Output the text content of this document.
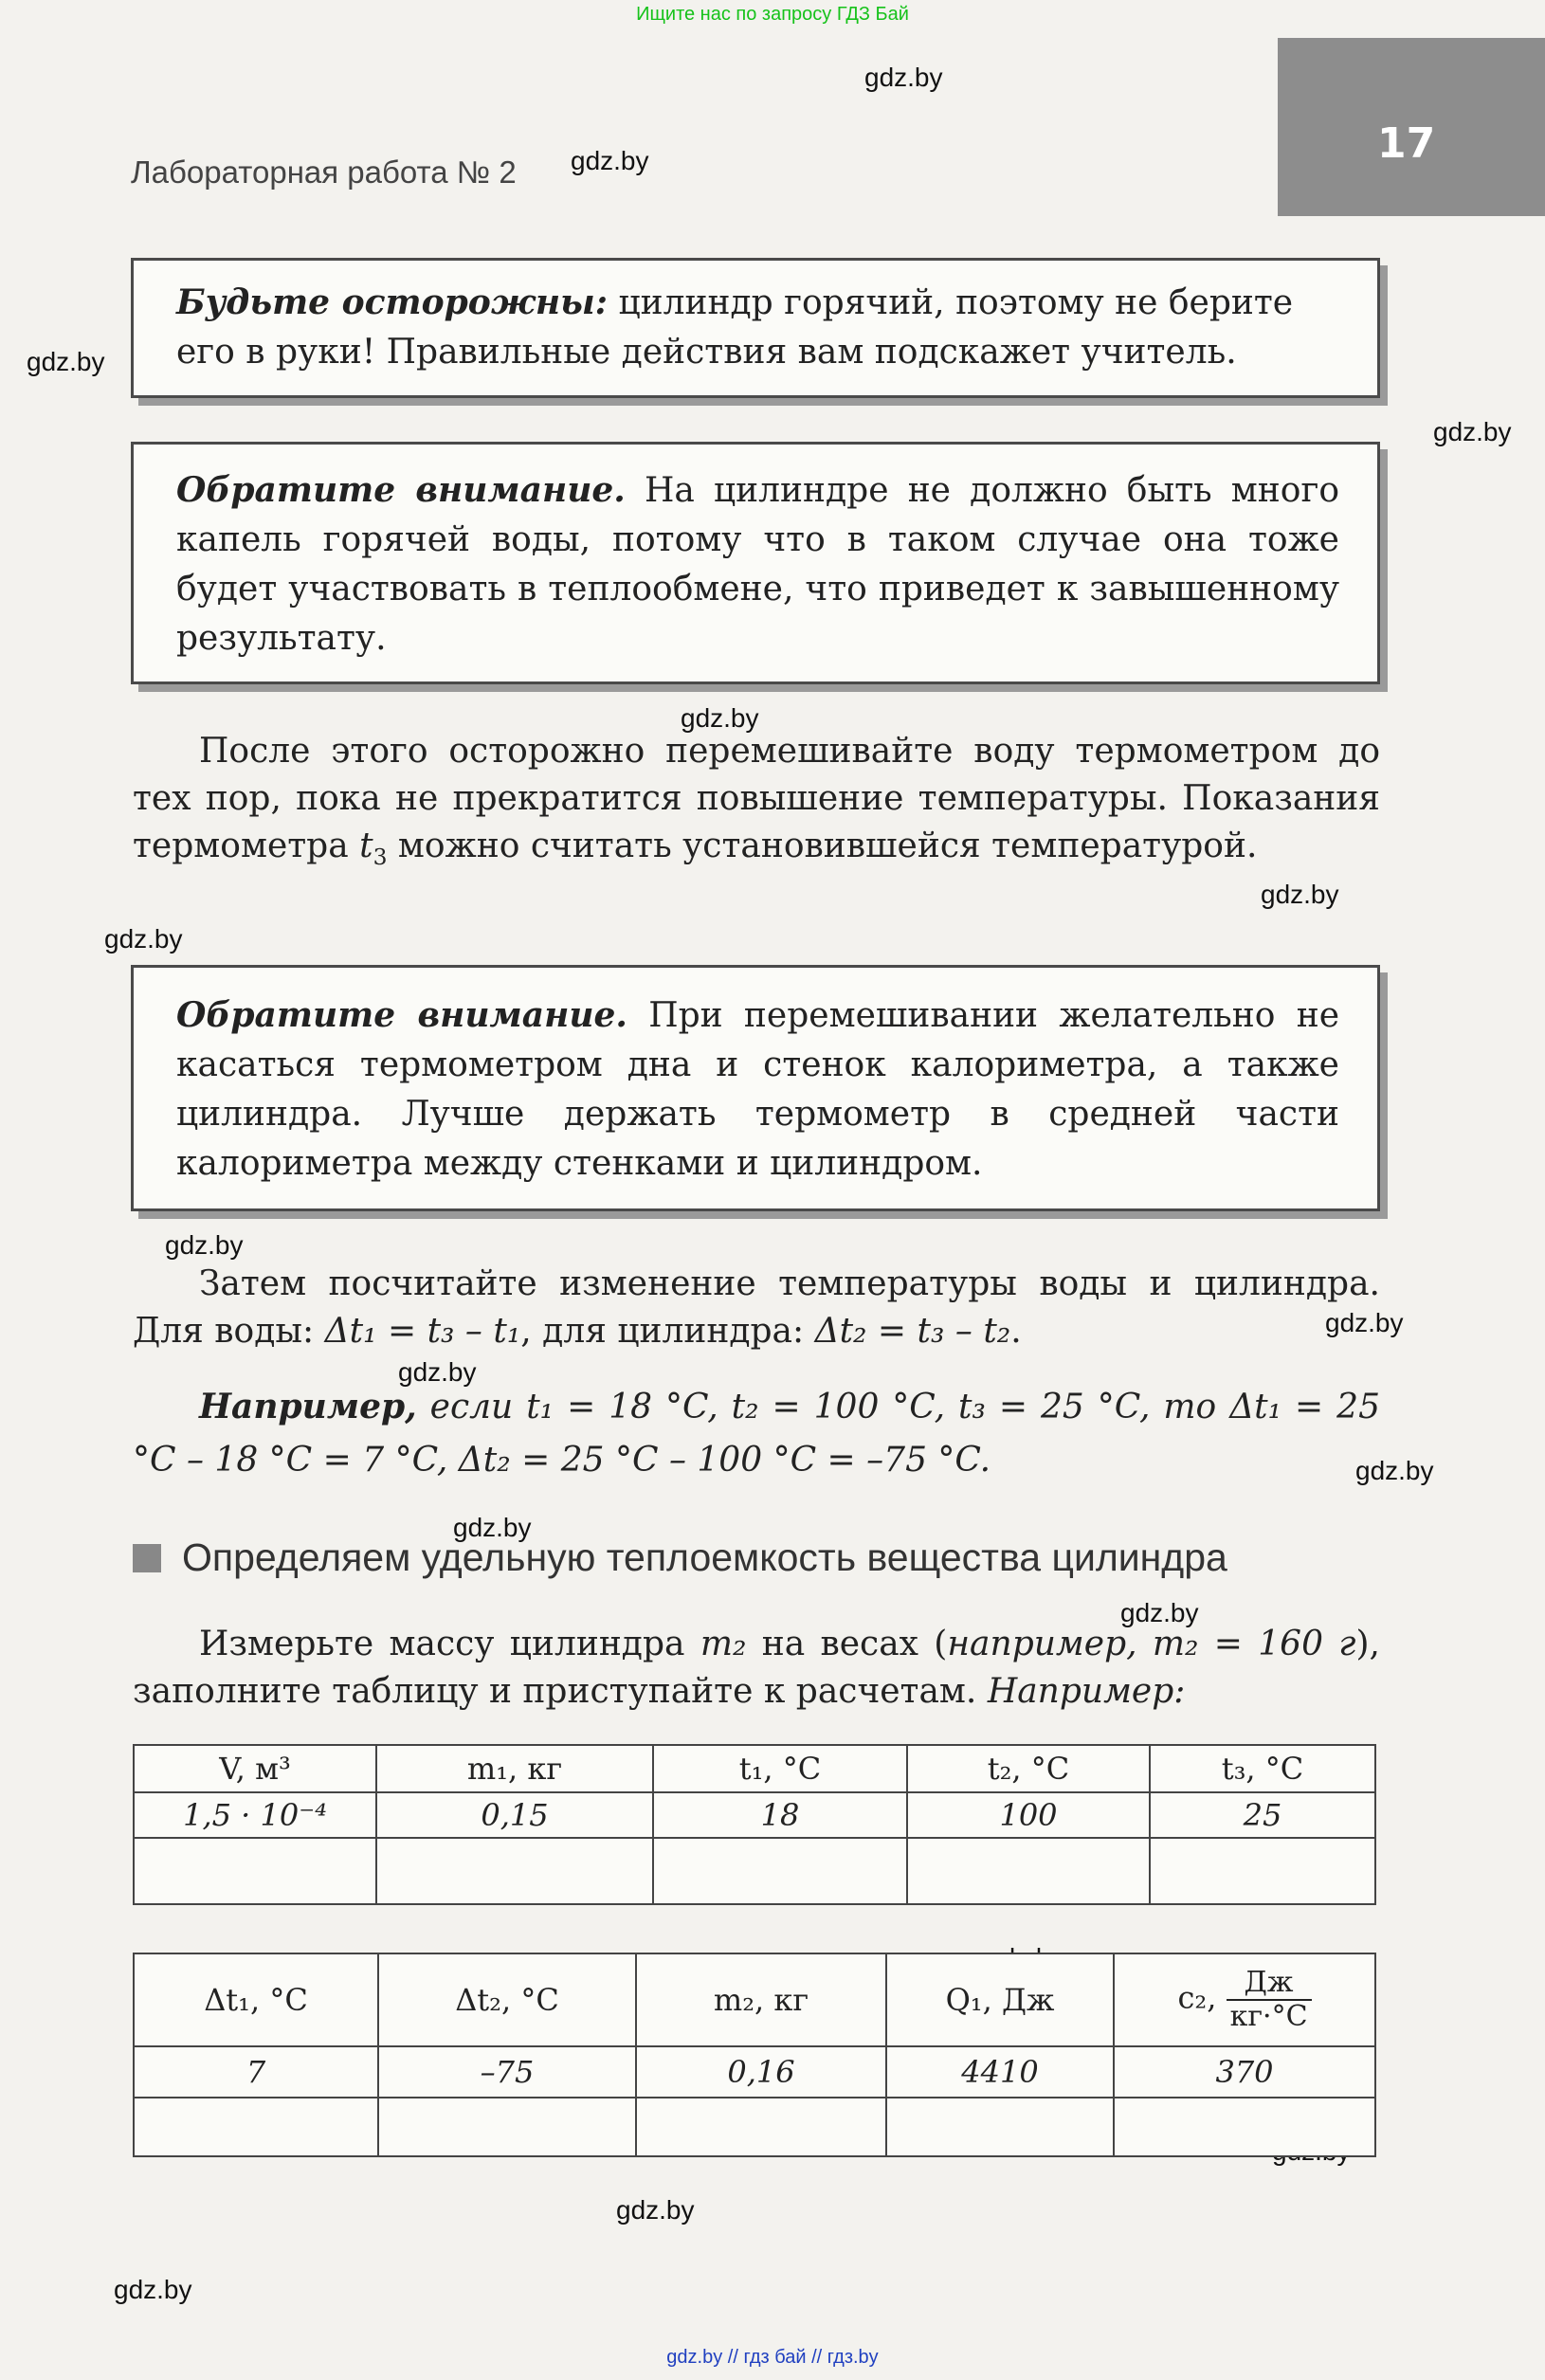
Ищите нас по запросу ГДЗ Бай
17
Лабораторная работа № 2
gdz.by
gdz.by
gdz.by
gdz.by
gdz.by
gdz.by
gdz.by
gdz.by
gdz.by
gdz.by
gdz.by
gdz.by
gdz.by
gdz.by
gdz.by

Будьте осторожны: цилиндр горячий, поэтому не берите его в руки! Правильные действия вам подскажет учитель.

Обратите внимание. На цилиндре не должно быть много капель горячей воды, потому что в таком случае она тоже будет участвовать в теплообмене, что приведет к завышенному результату.

После этого осторожно перемешивайте воду термометром до тех пор, пока не прекратится повышение температуры. Показания термометра $t_3$ можно считать установившейся температурой.

Обратите внимание. При перемешивании желательно не касаться термометром дна и стенок калориметра, а также цилиндра. Лучше держать термометр в средней части калориметра между стенками и цилиндром.

Затем посчитайте изменение температуры воды и цилиндра. Для воды: Δt₁ = t₃ – t₁, для цилиндра: Δt₂ = t₃ – t₂.

Например, если t₁ = 18 °C, t₂ = 100 °C, t₃ = 25 °C, то Δt₁ = 25 °C – 18 °C = 7 °C, Δt₂ = 25 °C – 100 °C = –75 °C.

Определяем удельную теплоемкость вещества цилиндра

Измерьте массу цилиндра m₂ на весах (например, m₂ = 160 г), заполните таблицу и приступайте к расчетам. Например:

V, м³	m₁, кг	t₁, °C	t₂, °C	t₃, °C
1,5 · 10⁻⁴	0,15	18	100	25

Δt₁, °C	Δt₂, °C	m₂, кг	Q₁, Дж	c₂, $\frac{Дж}{кг\cdot^\circ C}$

7	–75	0,16	4410	370

gdz.by // гдз бай // гдз.by
